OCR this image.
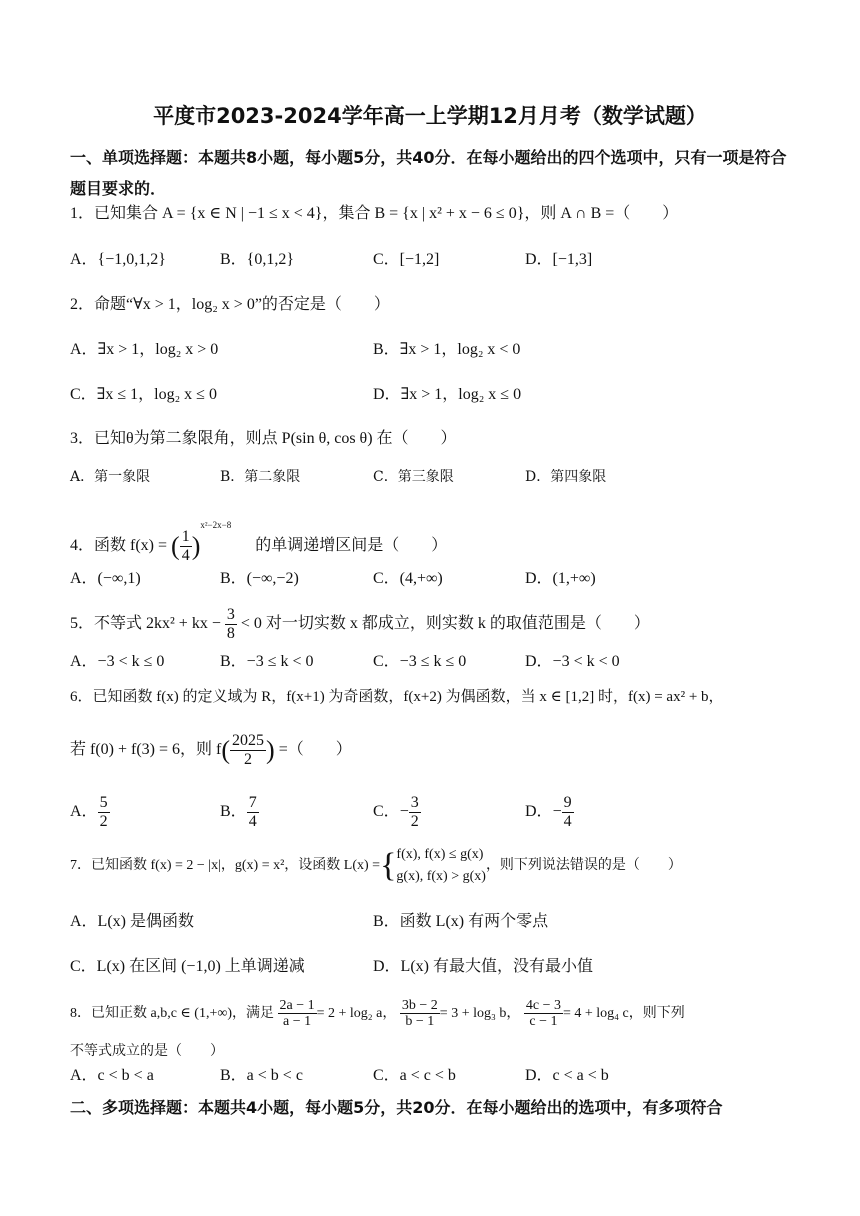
平度市2023-2024学年高一上学期12月月考（数学试题）
一、单项选择题：本题共8小题，每小题5分，共40分．在每小题给出的四个选项中，只有一项是符合题目要求的．
1．已知集合 A = {x ∈ N | −1 ≤ x < 4}，集合 B = {x | x² + x − 6 ≤ 0}，则 A ∩ B =（　　）
A．{−1,0,1,2}	B．{0,1,2}	C．[−1,2]	D．[−1,3]
2．命题“∀x > 1，log₂ x > 0”的否定是（　　）
A．∃x > 1，log₂ x > 0	B．∃x > 1，log₂ x < 0
C．∃x ≤ 1，log₂ x ≤ 0	D．∃x > 1，log₂ x ≤ 0
3．已知θ为第二象限角，则点 P(sin θ, cos θ) 在（　　）
A．第一象限	B．第二象限	C．第三象限	D．第四象限
4．函数 f(x) = ( $\frac{1}{4} )^{x^2-2x-8}$ 的单调递增区间是（　　）
A．(−∞,1)	B．(−∞,−2)	C．(4,+∞)	D．(1,+∞)
5．不等式 2kx² + kx − $\frac{3}{8} < 0$ 对一切实数 x 都成立，则实数 k 的取值范围是（　　）
A．−3 < k ≤ 0	B．−3 ≤ k < 0	C．−3 ≤ k ≤ 0	D．−3 < k < 0
6．已知函数 f(x) 的定义域为 R，f(x+1) 为奇函数，f(x+2) 为偶函数，当 x ∈ [1,2] 时，f(x) = ax² + b，
若 f(0) + f(3) = 6，则 $f( \frac{2025}{2}$ ) =（　　）
A． $\frac{5}{2}$	B． $\frac{7}{4}$	C．− $\frac{3}{2}$	D．− $\frac{9}{4}$
7．已知函数 f(x) = 2 − |x|，g(x) = x²，设函数 L(x) ={ f(x), f(x) ≤ g(x)
g(x), f(x) > g(x)
，则下列说法错误的是（　　）
A．L(x) 是偶函数	B．函数 L(x) 有两个零点
C．L(x) 在区间 (−1,0) 上单调递减	D．L(x) 有最大值，没有最小值
8．已知正数 a,b,c ∈ (1,+∞)，满足 $\frac{2a - 1}{a - 1} = 2 + \log_2$ a， $\frac{3b - 2}{b - 1} = 3 + \log_3$ b， $\frac{4c - 3}{c - 1} = 4 + \log_4$ c，则下列
不等式成立的是（　　）
A．c < b < a	B．a < b < c	C．a < c < b	D．c < a < b
二、多项选择题：本题共4小题，每小题5分，共20分．在每小题给出的选项中，有多项符合
